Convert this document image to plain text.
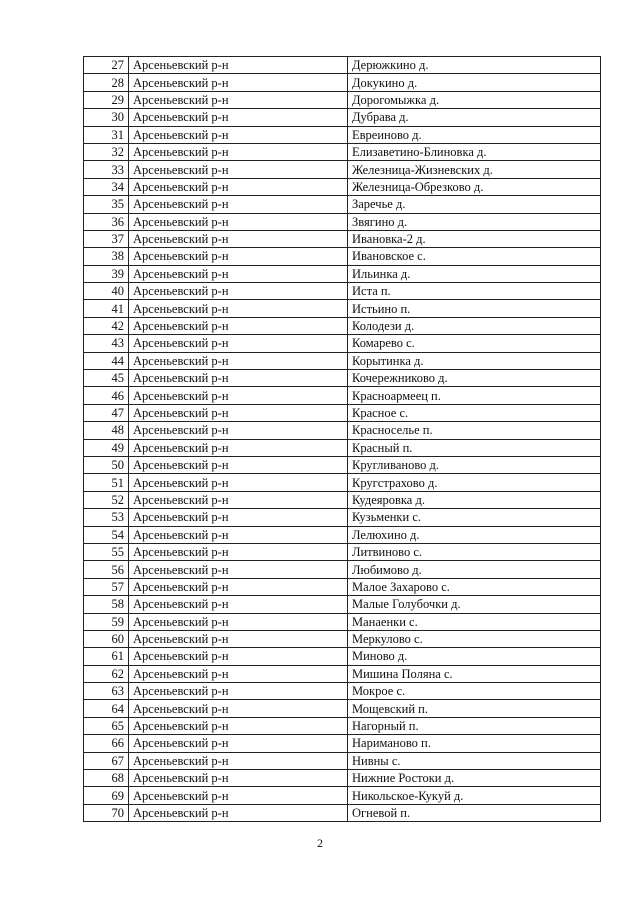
27	Арсеньевский р-н	Дерюжкино д.
28	Арсеньевский р-н	Докукино д.
29	Арсеньевский р-н	Дорогомыжка д.
30	Арсеньевский р-н	Дубрава д.
31	Арсеньевский р-н	Евреиново д.
32	Арсеньевский р-н	Елизаветино-Блиновка д.
33	Арсеньевский р-н	Железница-Жизневских д.
34	Арсеньевский р-н	Железница-Обрезково д.
35	Арсеньевский р-н	Заречье д.
36	Арсеньевский р-н	Звягино д.
37	Арсеньевский р-н	Ивановка-2 д.
38	Арсеньевский р-н	Ивановское с.
39	Арсеньевский р-н	Ильинка д.
40	Арсеньевский р-н	Иста п.
41	Арсеньевский р-н	Истьино п.
42	Арсеньевский р-н	Колодези д.
43	Арсеньевский р-н	Комарево с.
44	Арсеньевский р-н	Корытинка д.
45	Арсеньевский р-н	Кочережниково д.
46	Арсеньевский р-н	Красноармеец п.
47	Арсеньевский р-н	Красное с.
48	Арсеньевский р-н	Красноселье п.
49	Арсеньевский р-н	Красный п.
50	Арсеньевский р-н	Кругливаново д.
51	Арсеньевский р-н	Кругстрахово д.
52	Арсеньевский р-н	Кудеяровка д.
53	Арсеньевский р-н	Кузьменки с.
54	Арсеньевский р-н	Лелюхино д.
55	Арсеньевский р-н	Литвиново с.
56	Арсеньевский р-н	Любимово д.
57	Арсеньевский р-н	Малое Захарово с.
58	Арсеньевский р-н	Малые Голубочки д.
59	Арсеньевский р-н	Манаенки с.
60	Арсеньевский р-н	Меркулово с.
61	Арсеньевский р-н	Миново д.
62	Арсеньевский р-н	Мишина Поляна с.
63	Арсеньевский р-н	Мокрое с.
64	Арсеньевский р-н	Мощевский п.
65	Арсеньевский р-н	Нагорный п.
66	Арсеньевский р-н	Нариманово п.
67	Арсеньевский р-н	Нивны с.
68	Арсеньевский р-н	Нижние Ростоки д.
69	Арсеньевский р-н	Никольское-Кукуй д.
70	Арсеньевский р-н	Огневой п.
2
